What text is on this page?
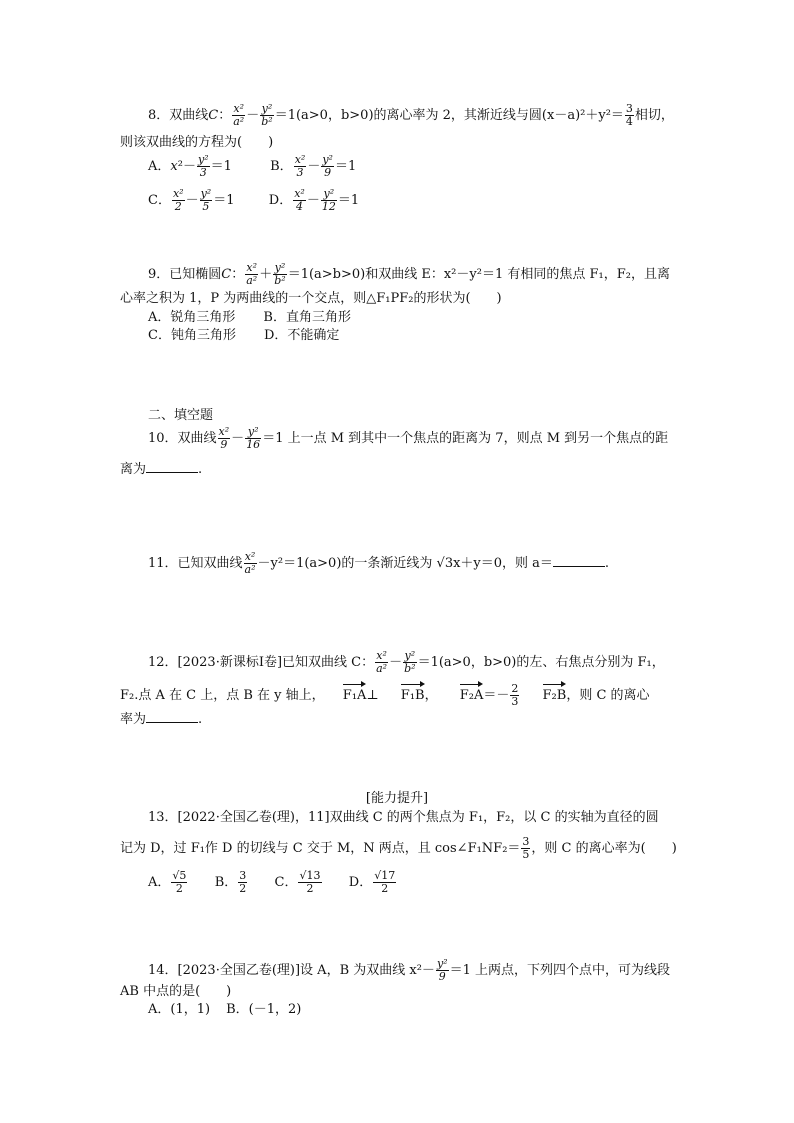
8．双曲线C： $\frac{\text{x²}}{\text{a²}} - \frac{\text{y²}}{\text{b²}} =1(a>0$，b>0)的离心率为 2，其渐近线与圆$(x-a)^2+y^2= \frac{3}{4}$ 相切，
则该双曲线的方程为(　　)
A．$x^2- \frac{\text{y²}}{3} =1$	B． $\frac{\text{x²}}{3} - \frac{\text{y²}}{9} =1$
C． $\frac{\text{x²}}{2} - \frac{\text{y²}}{5} =1$  D． $\frac{\text{x²}}{4} - \frac{\text{y²}}{12} =1$
9．已知椭圆C： $\frac{\text{x²}}{\text{a²}} + \frac{\text{y²}}{\text{b²}} =1(a>b>0)$和双曲线 E：x²－y²＝1 有相同的焦点 F₁，F₂，且离
心率之积为 1，P 为两曲线的一个交点，则△F₁PF₂的形状为(　　)
A．锐角三角形 B．直角三角形
C．钝角三角形 D．不能确定
二、填空题
10．双曲线 $\frac{\text{x²}}{9} - \frac{\text{y²}}{16} =1$ 上一点 M 到其中一个焦点的距离为 7，则点 M 到另一个焦点的距
离为	.
11．已知双曲线 $\frac{\text{x²}}{\text{a²}} -y^2=1(a>0)$的一条渐近线为 √3x＋y＝0，则 a＝	.
12．[2023·新课标Ⅰ卷]已知双曲线 C： $\frac{\text{x²}}{\text{a²}} - \frac{\text{y²}}{\text{b²}} =1(a>0$，b>0)的左、右焦点分别为 F₁，
F₂.点 A 在 C 上，点 B 在 y 轴上， F₁A⊥ F₁B， $F_2A=- \frac{2}{3} F_2B$，则 C 的离心
率为	.
[能力提升]
13．[2022·全国乙卷(理)，11]双曲线 C 的两个焦点为 F₁，F₂，以 C 的实轴为直径的圆
记为 D，过 F₁作 D 的切线与 C 交于 M，N 两点，且 cos∠F₁NF₂＝ $\frac{3}{5}$ ，则 C 的离心率为(　　)
A． $\frac{√5}{2}$ B． $\frac{3}{2}$ C． $\frac{√13}{2}$ D． $\frac{√17}{2}$
14．[2023·全国乙卷(理)]设 A，B 为双曲线 $x^2- \frac{\text{y²}}{9} =1$ 上两点，下列四个点中，可为线段
AB 中点的是(　　)
A．(1，1) B．(－1，2)
